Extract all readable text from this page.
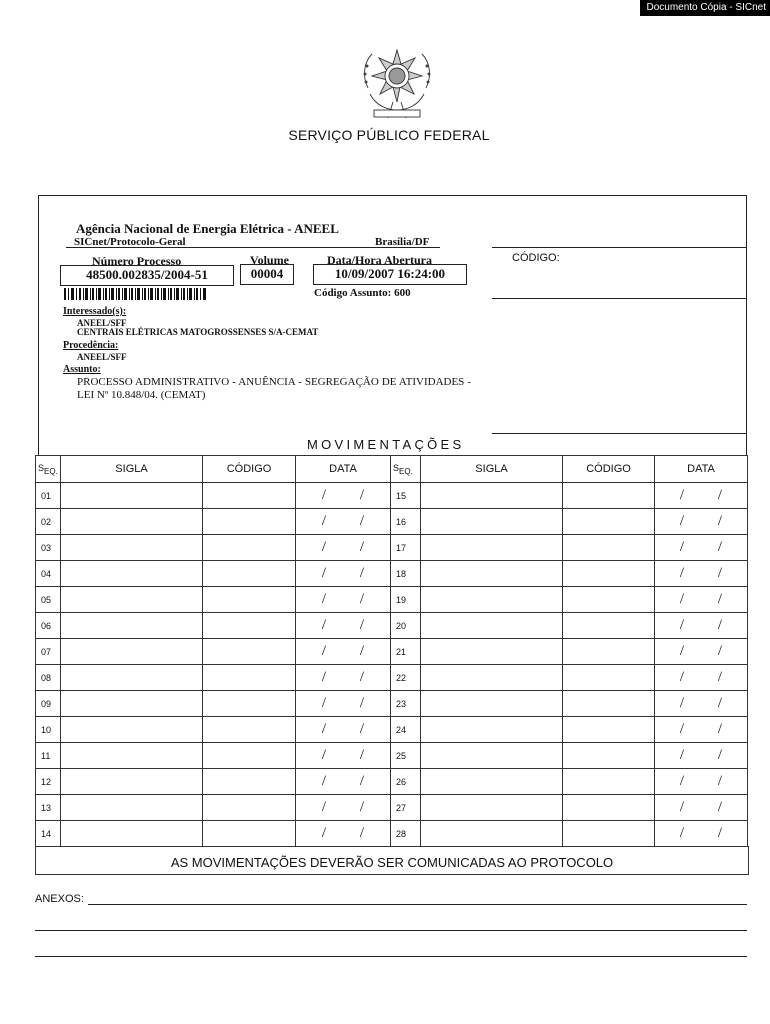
Documento Cópia - SICnet
SERVIÇO PÚBLICO FEDERAL
Agência Nacional de Energia Elétrica - ANEEL
SICnet/Protocolo-Geral	Brasília/DF
Número Processo	Volume	Data/Hora Abertura
48500.002835/2004-51	00004	10/09/2007 16:24:00
CÓDIGO:
Código Assunto: 600
Interessado(s):
ANEEL/SFF
CENTRAIS ELÉTRICAS MATOGROSSENSES S/A-CEMAT
Procedência:
ANEEL/SFF
Assunto:
PROCESSO ADMINISTRATIVO - ANUÊNCIA - SEGREGAÇÃO DE ATIVIDADES - LEI Nº 10.848/04. (CEMAT)
MOVIMENTAÇÕES
$S_{EQ.}$	SIGLA	CÓDIGO	DATA	$S_{EQ.}$	SIGLA	CÓDIGO	DATA
01			/ /	15			/ /
02			/ /	16			/ /
03			/ /	17			/ /
04			/ /	18			/ /
05			/ /	19			/ /
06			/ /	20			/ /
07			/ /	21			/ /
08			/ /	22			/ /
09			/ /	23			/ /
10			/ /	24			/ /
11			/ /	25			/ /
12			/ /	26			/ /
13			/ /	27			/ /
14			/ /	28			/ /
AS MOVIMENTAÇÕES DEVERÃO SER COMUNICADAS AO PROTOCOLO
ANEXOS:
